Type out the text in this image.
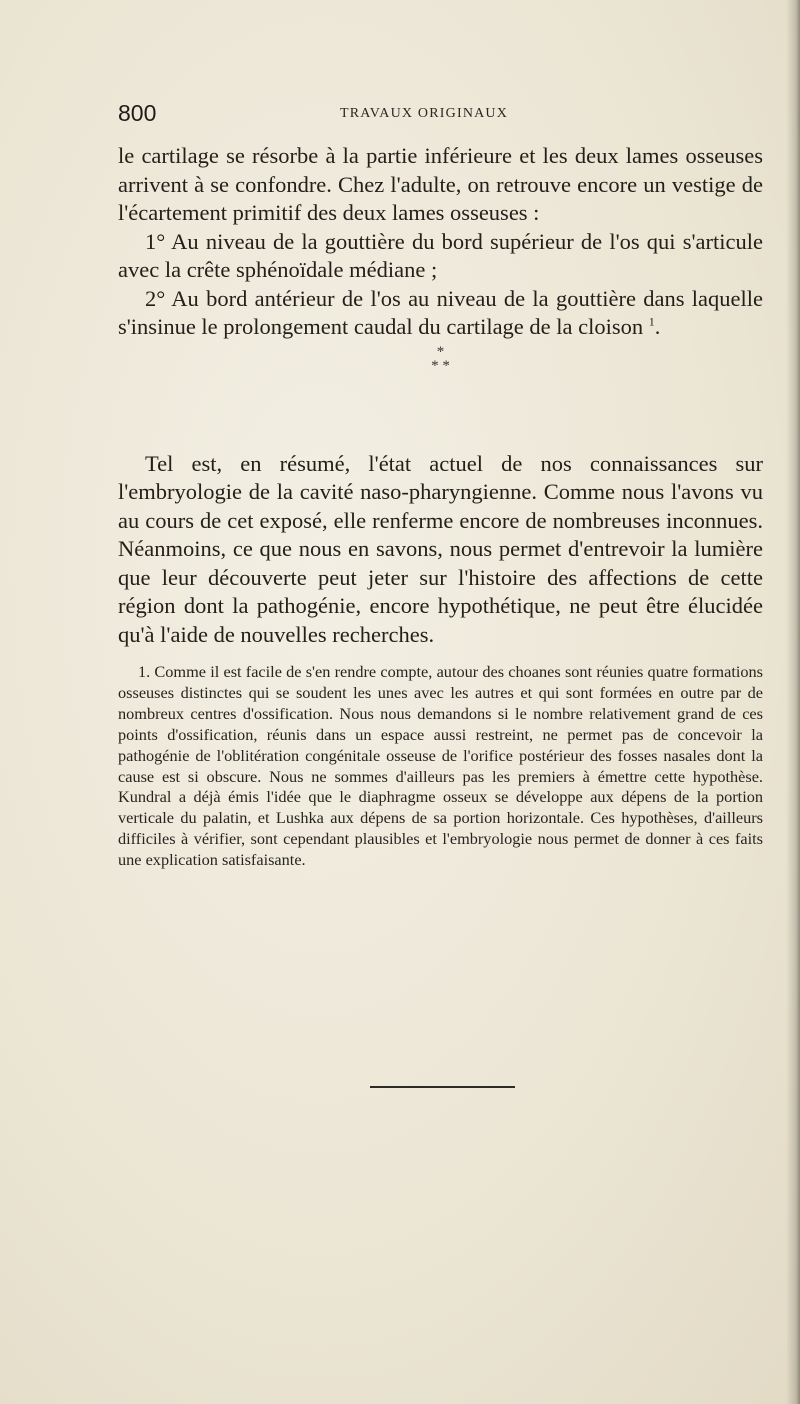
800	TRAVAUX ORIGINAUX

le cartilage se résorbe à la partie inférieure et les deux lames osseuses arrivent à se confondre. Chez l'adulte, on retrouve encore un vestige de l'écartement primitif des deux lames osseuses :

1° Au niveau de la gouttière du bord supérieur de l'os qui s'articule avec la crête sphénoïdale médiane ;

2° Au bord antérieur de l'os au niveau de la gouttière dans laquelle s'insinue le prolongement caudal du cartilage de la cloison $^1$.

*
* *

Tel est, en résumé, l'état actuel de nos connaissances sur l'embryologie de la cavité naso-pharyngienne. Comme nous l'avons vu au cours de cet exposé, elle renferme encore de nombreuses inconnues. Néanmoins, ce que nous en savons, nous permet d'entrevoir la lumière que leur découverte peut jeter sur l'histoire des affections de cette région dont la pathogénie, encore hypothétique, ne peut être élucidée qu'à l'aide de nouvelles recherches.

1. Comme il est facile de s'en rendre compte, autour des choanes sont réunies quatre formations osseuses distinctes qui se soudent les unes avec les autres et qui sont formées en outre par de nombreux centres d'ossification. Nous nous demandons si le nombre relativement grand de ces points d'ossification, réunis dans un espace aussi restreint, ne permet pas de concevoir la pathogénie de l'oblitération congénitale osseuse de l'orifice postérieur des fosses nasales dont la cause est si obscure. Nous ne sommes d'ailleurs pas les premiers à émettre cette hypothèse. Kundral a déjà émis l'idée que le diaphragme osseux se développe aux dépens de la portion verticale du palatin, et Lushka aux dépens de sa portion horizontale. Ces hypothèses, d'ailleurs difficiles à vérifier, sont cependant plausibles et l'embryologie nous permet de donner à ces faits une explication satisfaisante.
